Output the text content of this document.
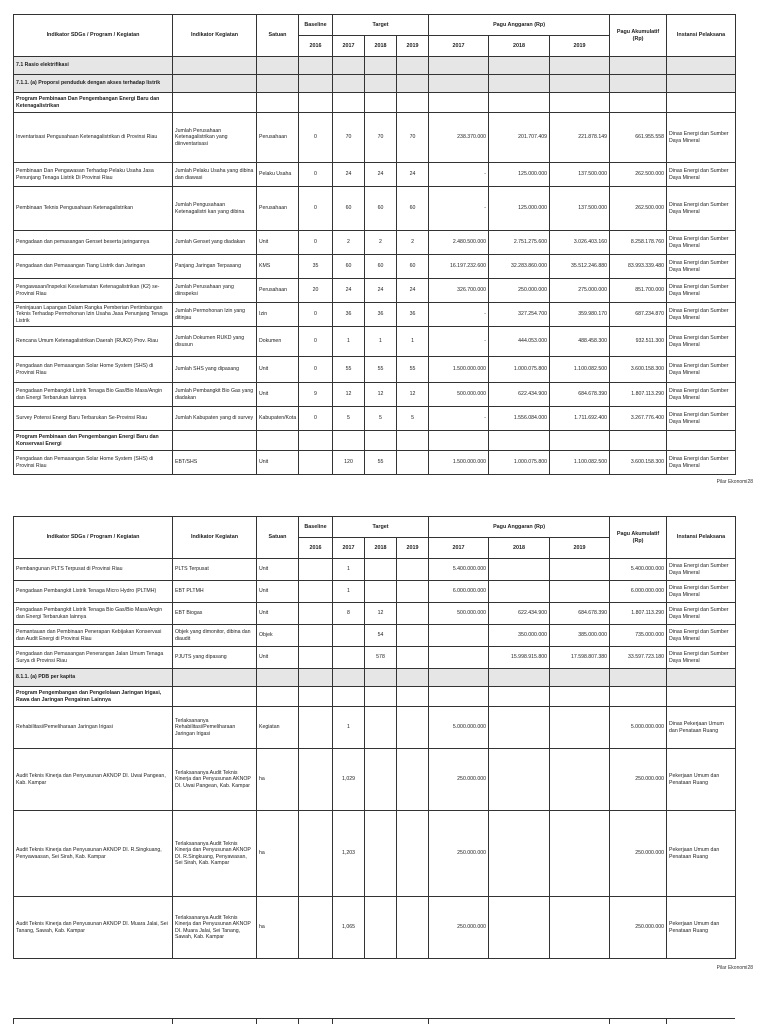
Indikator SDGs / Program / Kegiatan	Indikator Kegiatan	Satuan	Baseline	Target			Pagu Anggaran (Rp)			Pagu Akumulatif (Rp)	Instansi Pelaksana
			2016	2017	2018	2019	2017	2018	2019		
7.1 Rasio elektrifikasi											
7.1.1. (a) Proporsi penduduk dengan akses terhadap listrik											
Program Pembinaan Dan Pengembangan Energi Baru dan Ketenagalistrikan											
Inventarisasi Pengusahaan Ketenagalistrikan di Provinsi Riau	Jumlah Perusahaan Ketenagalistrikan yang diinventarisasi	Perusahaan	0	70	70	70	238.370.000	201.707.409	221.878.149	661.955.558	Dinas Energi dan Sumber Daya Mineral
Pembinaan Dan Pengawasan Terhadap Pelaku Usaha Jasa Penunjang Tenaga Listrik Di Provinsi Riau	Jumlah Pelaku Usaha yang dibina dan diawasi	Pelaku Usaha	0	24	24	24	-	125.000.000	137.500.000	262.500.000	Dinas Energi dan Sumber Daya Mineral
Pembinaan Teknis Pengusahaan Ketenagalistrikan	Jumlah Pengusahaan Ketenagalistri kan yang dibina	Perusahaan	0	60	60	60	-	125.000.000	137.500.000	262.500.000	Dinas Energi dan Sumber Daya Mineral
Pengadaan dan pemasangan Genset beserta jaringannya	Jumlah Genset yang diadakan	Unit	0	2	2	2	2.480.500.000	2.751.275.600	3.026.403.160	8.258.178.760	Dinas Energi dan Sumber Daya Mineral
Pengadaan dan Pemasangan Tiang Listrik dan Jaringan	Panjang Jaringan Terpasang	KMS	35	60	60	60	16.197.232.600	32.283.860.000	35.512.246.880	83.993.339.480	Dinas Energi dan Sumber Daya Mineral
Pengawasan/Inspeksi Keselamatan Ketenagalistrikan (K2) se-Provinsi Riau	Jumlah Perusahaan yang diinspeksi	Perusahaan	20	24	24	24	326.700.000	250.000.000	275.000.000	851.700.000	Dinas Energi dan Sumber Daya Mineral
Peninjauan Lapangan Dalam Rangka Pemberian Pertimbangan Teknis Terhadap Permohonan Izin Usaha Jasa Penunjang Tenaga Listrik	Jumlah Permohonan Izin yang ditinjau	Izin	0	36	36	36	-	327.254.700	359.980.170	687.234.870	Dinas Energi dan Sumber Daya Mineral
Rencana Umum Ketenagalistrikan Daerah (RUKD) Prov. Riau	Jumlah Dokumen RUKD yang disusun	Dokumen	0	1	1	1	-	444.053.000	488.458.300	932.511.300	Dinas Energi dan Sumber Daya Mineral
Pengadaan dan Pemasangan Solar Home System (SHS) di Provinsi Riau	Jumlah SHS yang dipasang	Unit	0	55	55	55	1.500.000.000	1.000.075.800	1.100.082.500	3.600.158.300	Dinas Energi dan Sumber Daya Mineral
Pengadaan Pembangkit Listrik Tenaga Bio Gas/Bio Mass/Angin dan Energi Terbarukan lainnya	Jumlah Pembangkit Bio Gas yang diadakan	Unit	9	12	12	12	500.000.000	622.434.900	684.678.390	1.807.113.290	Dinas Energi dan Sumber Daya Mineral
Survey Potensi Energi Baru Terbarukan Se-Provinsi Riau	Jumlah Kabupaten yang di survey	Kabupaten/Kota	0	5	5	5	-	1.556.084.000	1.711.692.400	3.267.776.400	Dinas Energi dan Sumber Daya Mineral
Program Pembinaan dan Pengembangan Energi Baru dan Konservasi Energi											
Pengadaan dan Pemasangan Solar Home System (SHS) di Provinsi Riau	EBT/SHS	Unit		120	55		1.500.000.000	1.000.075.800	1.100.082.500	3.600.158.300	Dinas Energi dan Sumber Daya Mineral
Pilar Ekonomi28
Indikator SDGs / Program / Kegiatan	Indikator Kegiatan	Satuan	Baseline	Target			Pagu Anggaran (Rp)			Pagu Akumulatif (Rp)	Instansi Pelaksana
			2016	2017	2018	2019	2017	2018	2019		
Pembangunan PLTS Terpusat di Provinsi Riau	PLTS Terpusat	Unit		1			5.400.000.000			5.400.000.000	Dinas Energi dan Sumber Daya Mineral
Pengadaan Pembangkit Listrik Tenaga Micro Hydro (PLTMH)	EBT PLTMH	Unit		1			6.000.000.000			6.000.000.000	Dinas Energi dan Sumber Daya Mineral
Pengadaan Pembangkit Listrik Tenaga Bio Gas/Bio Mass/Angin dan Energi Terbarukan lainnya	EBT Biogas	Unit		8	12		500.000.000	622.434.900	684.678.390	1.807.113.290	Dinas Energi dan Sumber Daya Mineral
Pemantauan dan Pembinaan Penerapan Kebijakan Konservasi dan Audit Energi di Provinsi Riau	Objek yang dimonitor, dibina dan diaudit	Objek			54			350.000.000	385.000.000	735.000.000	Dinas Energi dan Sumber Daya Mineral
Pengadaan dan Pemasangan Penerangan Jalan Umum Tenaga Surya di Provinsi Riau	PJUTS yang dipasang	Unit			578			15.998.915.800	17.598.807.380	33.597.723.180	Dinas Energi dan Sumber Daya Mineral
8.1.1. (a) PDB per kapita											
Program Pengembangan dan Pengelolaan Jaringan Irigasi, Rawa dan Jaringan Pengairan Lainnya											
Rehabilitasi/Pemeliharaan Jaringan Irigasi	Terlaksananya Rehabilitasi/Pemeliharaan Jaringan Irigasi	Kegiatan		1			5.000.000.000			5.000.000.000	Dinas Pekerjaan Umum dan Penataan Ruang
Audit Teknis Kinerja dan Penyusunan AKNOP DI. Uwai Pangean, Kab. Kampar	Terlaksananya Audit Teknis Kinerja dan Penyusunan AKNOP DI. Uwai Pangean, Kab. Kampar	ha		1,029			250.000.000			250.000.000	Pekerjaan Umum dan Penataan Ruang
Audit Teknis Kinerja dan Penyusunan AKNOP DI. R.Singkuang, Penyawaasan, Sei Sirah, Kab. Kampar	Terlaksananya Audit Teknis Kinerja dan Penyusunan AKNOP DI. R.Singkuang, Penyawasan, Sei Sirah, Kab. Kampar	ha		1,203			250.000.000			250.000.000	Pekerjaan Umum dan Penataan Ruang
Audit Teknis Kinerja dan Penyusunan AKNOP DI. Muara Jalai, Sei Tanang, Sawah, Kab. Kampar	Terlaksananya Audit Teknis Kinerja dan Penyusunan AKNOP DI. Muara Jalai, Sei Tanang, Sawah, Kab. Kampar	ha		1,065			250.000.000			250.000.000	Pekerjaan Umum dan Penataan Ruang
Pilar Ekonomi28
